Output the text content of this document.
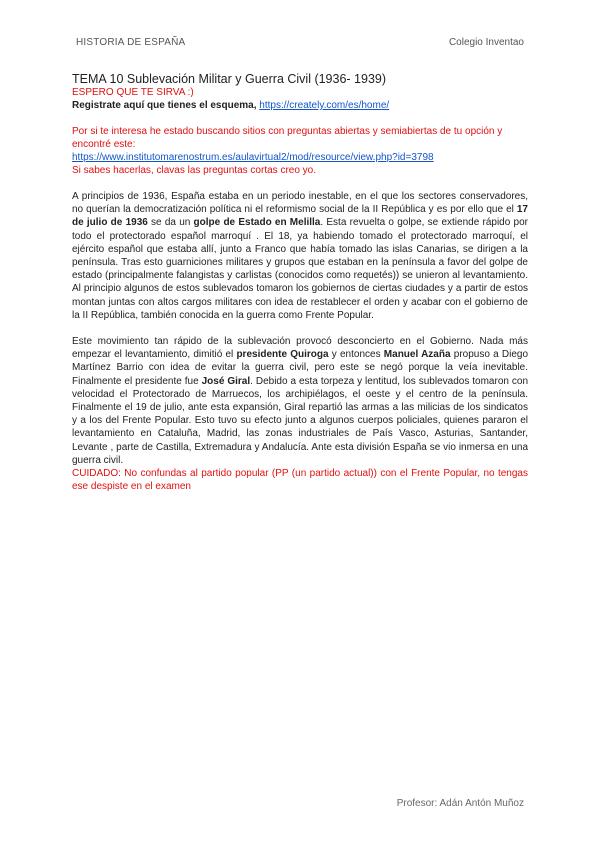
HISTORIA DE ESPAÑA	Colegio Inventao

TEMA 10 Sublevación Militar y Guerra Civil (1936- 1939)

ESPERO QUE TE SIRVA :)

Registrate aquí que tienes el esquema, https://creately.com/es/home/

Por si te interesa he estado buscando sitios con preguntas abiertas y semiabiertas de tu opción y encontré este:

https://www.institutomarenostrum.es/aulavirtual2/mod/resource/view.php?id=3798

Si sabes hacerlas, clavas las preguntas cortas creo yo.

A principios de 1936, España estaba en un periodo inestable, en el que los sectores conservadores, no querían la democratización política ni el reformismo social de la II República y es por ello que el 17 de julio de 1936 se da un golpe de Estado en Melilla. Esta revuelta o golpe, se extiende rápido por todo el protectorado español marroquí . El 18, ya habiendo tomado el protectorado marroquí, el ejército español que estaba allí, junto a Franco que había tomado las islas Canarias, se dirigen a la península. Tras esto guarniciones militares y grupos que estaban en la península a favor del golpe de estado (principalmente falangistas y carlistas (conocidos como requetés)) se unieron al levantamiento. Al principio algunos de estos sublevados tomaron los gobiernos de ciertas ciudades y a partir de estos montan juntas con altos cargos militares con idea de restablecer el orden y acabar con el gobierno de la II República, también conocida en la guerra como Frente Popular.

Este movimiento tan rápido de la sublevación provocó desconcierto en el Gobierno. Nada más empezar el levantamiento, dimitió el presidente Quiroga y entonces Manuel Azaña propuso a Diego Martínez Barrio con idea de evitar la guerra civil, pero este se negó porque la veía inevitable. Finalmente el presidente fue José Giral. Debido a esta torpeza y lentitud, los sublevados tomaron con velocidad el Protectorado de Marruecos, los archipiélagos, el oeste y el centro de la península. Finalmente el 19 de julio, ante esta expansión, Giral repartió las armas a las milicias de los sindicatos y a los del Frente Popular. Esto tuvo su efecto junto a algunos cuerpos policiales, quienes pararon el levantamiento en Cataluña, Madrid, las zonas industriales de País Vasco, Asturias, Santander, Levante , parte de Castilla, Extremadura y Andalucía. Ante esta división España se vio inmersa en una guerra civil.

CUIDADO: No confundas al partido popular (PP (un partido actual)) con el Frente Popular, no tengas ese despiste en el examen

Profesor: Adán Antón Muñoz
